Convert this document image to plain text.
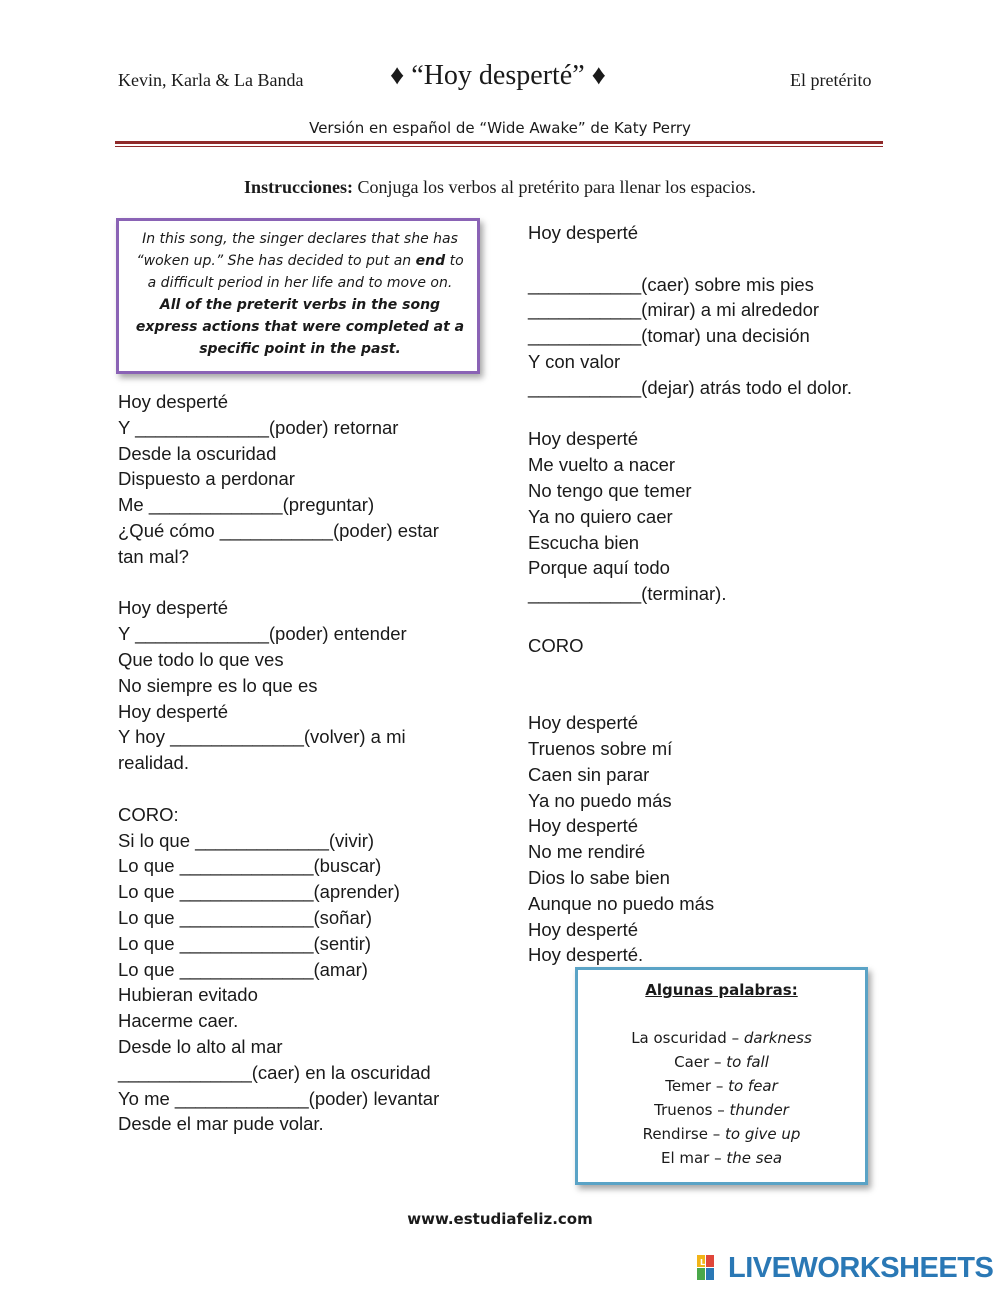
Kevin, Karla & La Banda	♦ “Hoy desperté” ♦	El pretérito
Versión en español de “Wide Awake” de Katy Perry
Instrucciones: Conjuga los verbos al pretérito para llenar los espacios.
In this song, the singer declares that she has “woken up.” She has decided to put an end to a difficult period in her life and to move on.
All of the preterit verbs in the song express actions that were completed at a specific point in the past.
Hoy desperté
Y _____________(poder) retornar
Desde la oscuridad
Dispuesto a perdonar
Me _____________(preguntar)
¿Qué cómo ___________(poder) estar
tan mal?
Hoy desperté
Y _____________(poder) entender
Que todo lo que ves
No siempre es lo que es
Hoy desperté
Y hoy _____________(volver) a mi
realidad.
CORO:
Si lo que _____________(vivir)
Lo que _____________(buscar)
Lo que _____________(aprender)
Lo que _____________(soñar)
Lo que _____________(sentir)
Lo que _____________(amar)
Hubieran evitado
Hacerme caer.
Desde lo alto al mar
_____________(caer) en la oscuridad
Yo me _____________(poder) levantar
Desde el mar pude volar.
Hoy desperté
___________(caer) sobre mis pies
___________(mirar) a mi alrededor
___________(tomar) una decisión
Y con valor
___________(dejar) atrás todo el dolor.
Hoy desperté
Me vuelto a nacer
No tengo que temer
Ya no quiero caer
Escucha bien
Porque aquí todo
___________(terminar).
CORO
Hoy desperté
Truenos sobre mí
Caen sin parar
Ya no puedo más
Hoy desperté
No me rendiré
Dios lo sabe bien
Aunque no puedo más
Hoy desperté
Hoy desperté.
Algunas palabras:
La oscuridad – darkness
Caer – to fall
Temer – to fear
Truenos – thunder
Rendirse – to give up
El mar – the sea
www.estudiafeliz.com
L LIVEWORKSHEETS
